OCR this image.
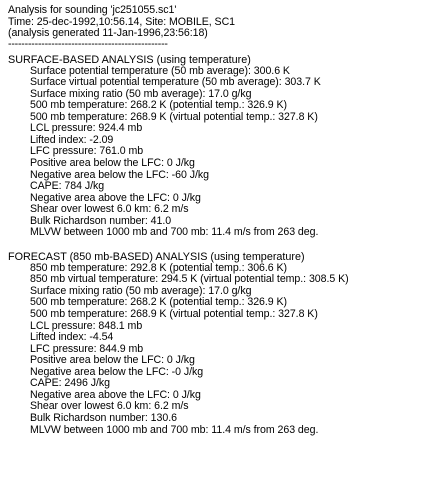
Analysis for sounding 'jc251055.sc1'
Time: 25-dec-1992,10:56.14, Site: MOBILE, SC1
(analysis generated 11-Jan-1996,23:56:18)
------------------------------------------------
SURFACE-BASED ANALYSIS (using temperature)
Surface potential temperature (50 mb average): 300.6 K
Surface virtual potential temperature (50 mb average): 303.7 K
Surface mixing ratio (50 mb average): 17.0 g/kg
500 mb temperature: 268.2 K (potential temp.: 326.9 K)
500 mb temperature: 268.9 K (virtual potential temp.: 327.8 K)
LCL pressure: 924.4 mb
Lifted index: -2.09
LFC pressure: 761.0 mb
Positive area below the LFC: 0 J/kg
Negative area below the LFC: -60 J/kg
CAPE: 784 J/kg
Negative area above the LFC: 0 J/kg
Shear over lowest 6.0 km: 6.2 m/s
Bulk Richardson number: 41.0
MLVW between 1000 mb and 700 mb: 11.4 m/s from 263 deg.
FORECAST (850 mb-BASED) ANALYSIS (using temperature)
850 mb temperature: 292.8 K (potential temp.: 306.6 K)
850 mb virtual temperature: 294.5 K (virtual potential temp.: 308.5 K)
Surface mixing ratio (50 mb average): 17.0 g/kg
500 mb temperature: 268.2 K (potential temp.: 326.9 K)
500 mb temperature: 268.9 K (virtual potential temp.: 327.8 K)
LCL pressure: 848.1 mb
Lifted index: -4.54
LFC pressure: 844.9 mb
Positive area below the LFC: 0 J/kg
Negative area below the LFC: -0 J/kg
CAPE: 2496 J/kg
Negative area above the LFC: 0 J/kg
Shear over lowest 6.0 km: 6.2 m/s
Bulk Richardson number: 130.6
MLVW between 1000 mb and 700 mb: 11.4 m/s from 263 deg.
